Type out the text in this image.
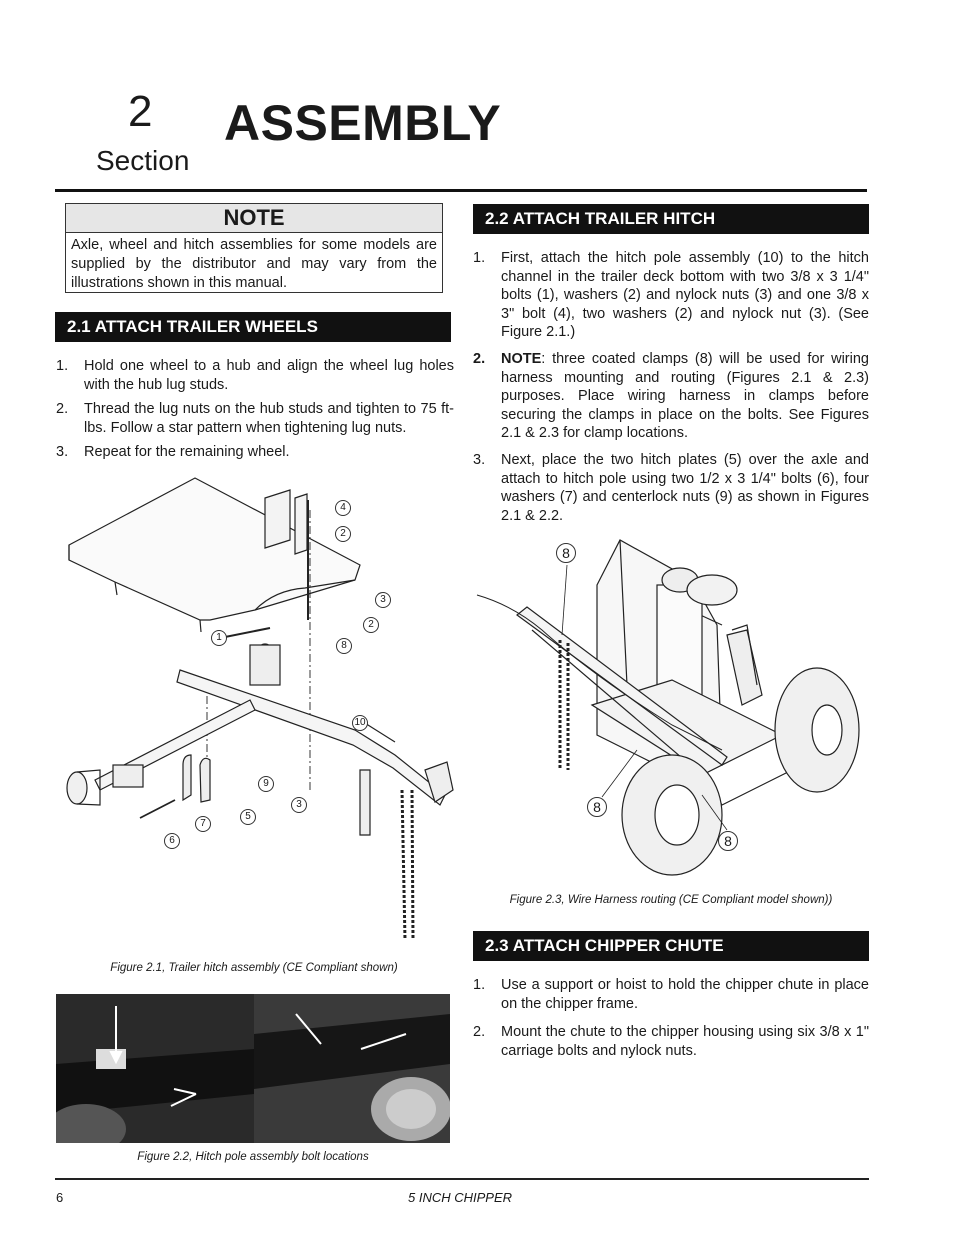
2
Section
ASSEMBLY
NOTE
Axle, wheel and hitch assemblies for some models are supplied by the distributor and may vary from the illustrations shown in this manual.
2.1 ATTACH TRAILER WHEELS
1. Hold one wheel to a hub and align the wheel lug holes with the hub lug studs.
2. Thread the lug nuts on the hub studs and tighten to 75 ft-lbs. Follow a star pattern when tightening lug nuts.
3. Repeat for the remaining wheel.
4
2
3
2
1
8
10
9
3
5
7
6
Figure 2.1, Trailer hitch assembly (CE Compliant shown)
Figure 2.2, Hitch pole assembly bolt locations
2.2 ATTACH TRAILER HITCH
1. First, attach the hitch pole assembly (10) to the hitch channel in the trailer deck bottom with two 3/8 x 3 1/4" bolts (1), washers (2) and nylock nuts (3) and one 3/8 x 3" bolt (4), two washers (2) and nylock nut (3). (See Figure 2.1.)
2. NOTE: three coated clamps (8) will be used for wiring harness mounting and routing (Figures 2.1 & 2.3) purposes. Place wiring harness in clamps before securing the clamps in place on the bolts. See Figures 2.1 & 2.3 for clamp locations.
3. Next, place the two hitch plates (5) over the axle and attach to hitch pole using two 1/2 x 3 1/4" bolts (6), four washers (7) and centerlock nuts (9) as shown in Figures 2.1 & 2.2.
8
8
8
Figure 2.3, Wire Harness routing (CE Compliant model shown))
2.3 ATTACH CHIPPER CHUTE
1. Use a support or hoist to hold the chipper chute in place on the chipper frame.
2. Mount the chute to the chipper housing using six 3/8 x 1" carriage bolts and nylock nuts.
6	5 INCH CHIPPER
